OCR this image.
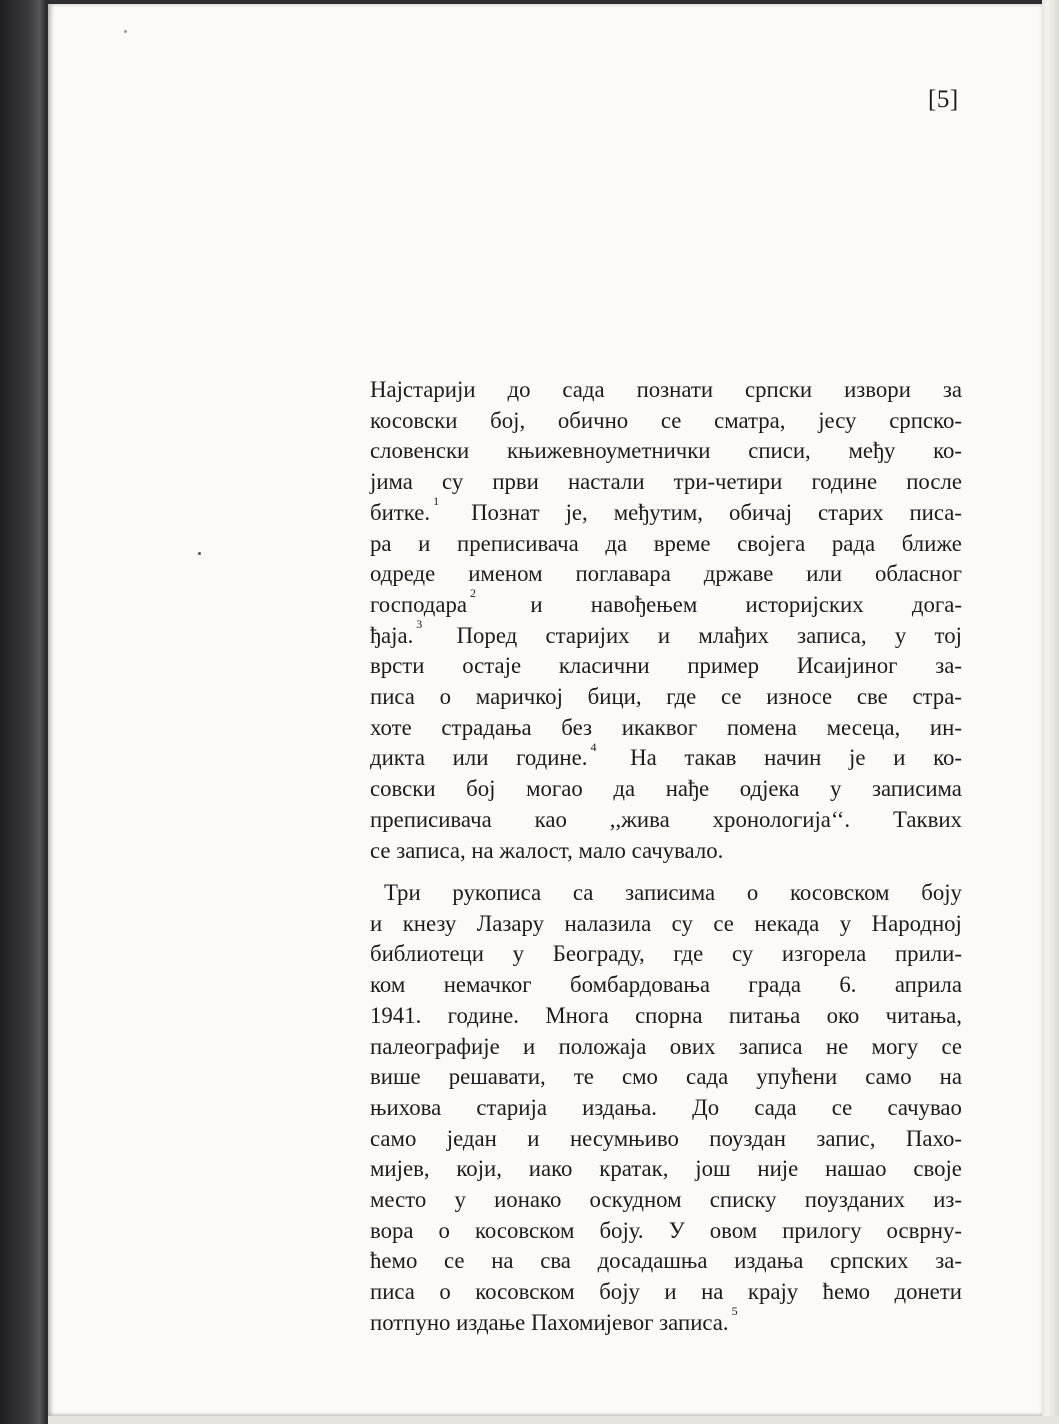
[5]
Најстарији до сада познати српски извори за
косовски бој, обично се сматра, јесу српско-
словенски књижевноуметнички списи, међу ко-
јима су први настали три-четири године после
битке. $^1$ Познат је, међутим, обичај старих писа-
ра и преписивача да време својега рада ближе
одреде именом поглавара државе или обласног
господара $^2$ и навођењем историјских дога-
ђаја. $^3$ Поред старијих и млађих записа, у тој
врсти остаје класични пример Исаијиног за-
писа о маричкој бици, где се износе све стра-
хоте страдања без икаквог помена месеца, ин-
дикта или године. $^4$ На такав начин је и ко-
совски бој могао да нађе одјека у записима
преписивача као ,,жива хронологија‘‘. Таквих
се записа, на жалост, мало сачувало.
Три рукописа са записима о косовском боју
и кнезу Лазару налазила су се некада у Народној
библиотеци у Београду, где су изгорела прили-
ком немачког бомбардовања града 6. априла
1941. године. Многа спорна питања око читања,
палеографије и положаја ових записа не могу се
више решавати, те смо сада упућени само на
њихова старија издања. До сада се сачувао
само један и несумњиво поуздан запис, Пахо-
мијев, који, иако кратак, још није нашао своје
место у ионако оскудном списку поузданих из-
вора о косовском боју. У овом прилогу осврну-
ћемо се на сва досадашња издања српских за-
писа о косовском боју и на крају ћемо донети
потпуно издање Пахомијевог записа. $^5$
